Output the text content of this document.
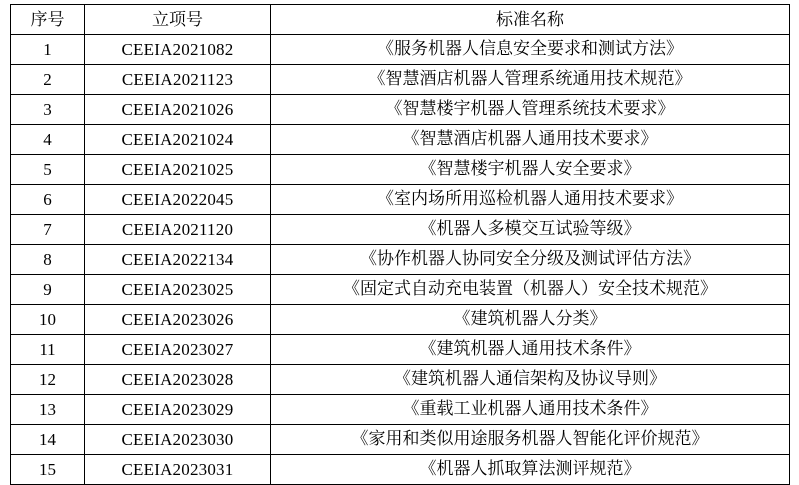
序号	立项号	标准名称
1	CEEIA2021082	《服务机器人信息安全要求和测试方法》
2	CEEIA2021123	《智慧酒店机器人管理系统通用技术规范》
3	CEEIA2021026	《智慧楼宇机器人管理系统技术要求》
4	CEEIA2021024	《智慧酒店机器人通用技术要求》
5	CEEIA2021025	《智慧楼宇机器人安全要求》
6	CEEIA2022045	《室内场所用巡检机器人通用技术要求》
7	CEEIA2021120	《机器人多模交互试验等级》
8	CEEIA2022134	《协作机器人协同安全分级及测试评估方法》
9	CEEIA2023025	《固定式自动充电装置（机器人）安全技术规范》
10	CEEIA2023026	《建筑机器人分类》
11	CEEIA2023027	《建筑机器人通用技术条件》
12	CEEIA2023028	《建筑机器人通信架构及协议导则》
13	CEEIA2023029	《重载工业机器人通用技术条件》
14	CEEIA2023030	《家用和类似用途服务机器人智能化评价规范》
15	CEEIA2023031	《机器人抓取算法测评规范》
